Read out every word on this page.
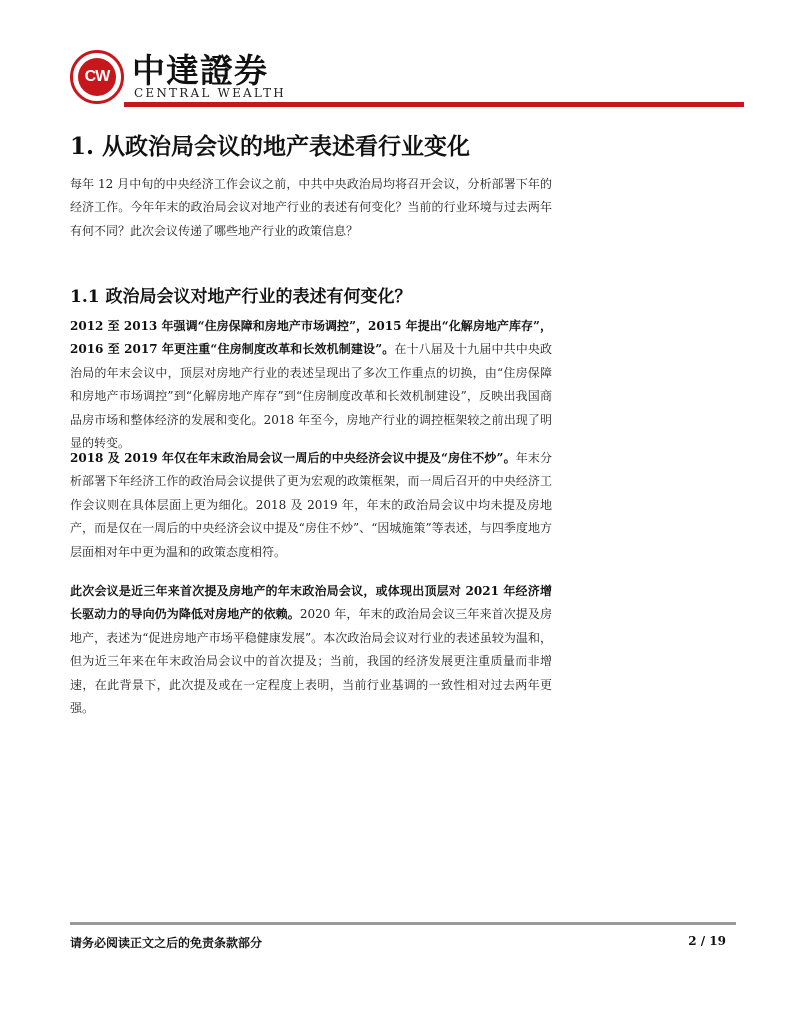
CW 中達證券
CENTRAL WEALTH
1. 从政治局会议的地产表述看行业变化

每年 12 月中旬的中央经济工作会议之前，中共中央政治局均将召开会议，分析部署下年的经济工作。今年年末的政治局会议对地产行业的表述有何变化？当前的行业环境与过去两年有何不同？此次会议传递了哪些地产行业的政策信息？

1.1 政治局会议对地产行业的表述有何变化？

2012 至 2013 年强调“住房保障和房地产市场调控”，2015 年提出“化解房地产库存”，2016 至 2017 年更注重“住房制度改革和长效机制建设”。在十八届及十九届中共中央政治局的年末会议中，顶层对房地产行业的表述呈现出了多次工作重点的切换，由“住房保障和房地产市场调控”到“化解房地产库存”到“住房制度改革和长效机制建设”，反映出我国商品房市场和整体经济的发展和变化。2018 年至今，房地产行业的调控框架较之前出现了明显的转变。

2018 及 2019 年仅在年末政治局会议一周后的中央经济会议中提及“房住不炒”。年末分析部署下年经济工作的政治局会议提供了更为宏观的政策框架，而一周后召开的中央经济工作会议则在具体层面上更为细化。2018 及 2019 年，年末的政治局会议中均未提及房地产，而是仅在一周后的中央经济会议中提及“房住不炒”、“因城施策”等表述，与四季度地方层面相对年中更为温和的政策态度相符。

此次会议是近三年来首次提及房地产的年末政治局会议，或体现出顶层对 2021 年经济增长驱动力的导向仍为降低对房地产的依赖。2020 年，年末的政治局会议三年来首次提及房地产，表述为“促进房地产市场平稳健康发展”。本次政治局会议对行业的表述虽较为温和，但为近三年来在年末政治局会议中的首次提及；当前，我国的经济发展更注重质量而非增速，在此背景下，此次提及或在一定程度上表明，当前行业基调的一致性相对过去两年更强。

请务必阅读正文之后的免责条款部分	2 / 19
